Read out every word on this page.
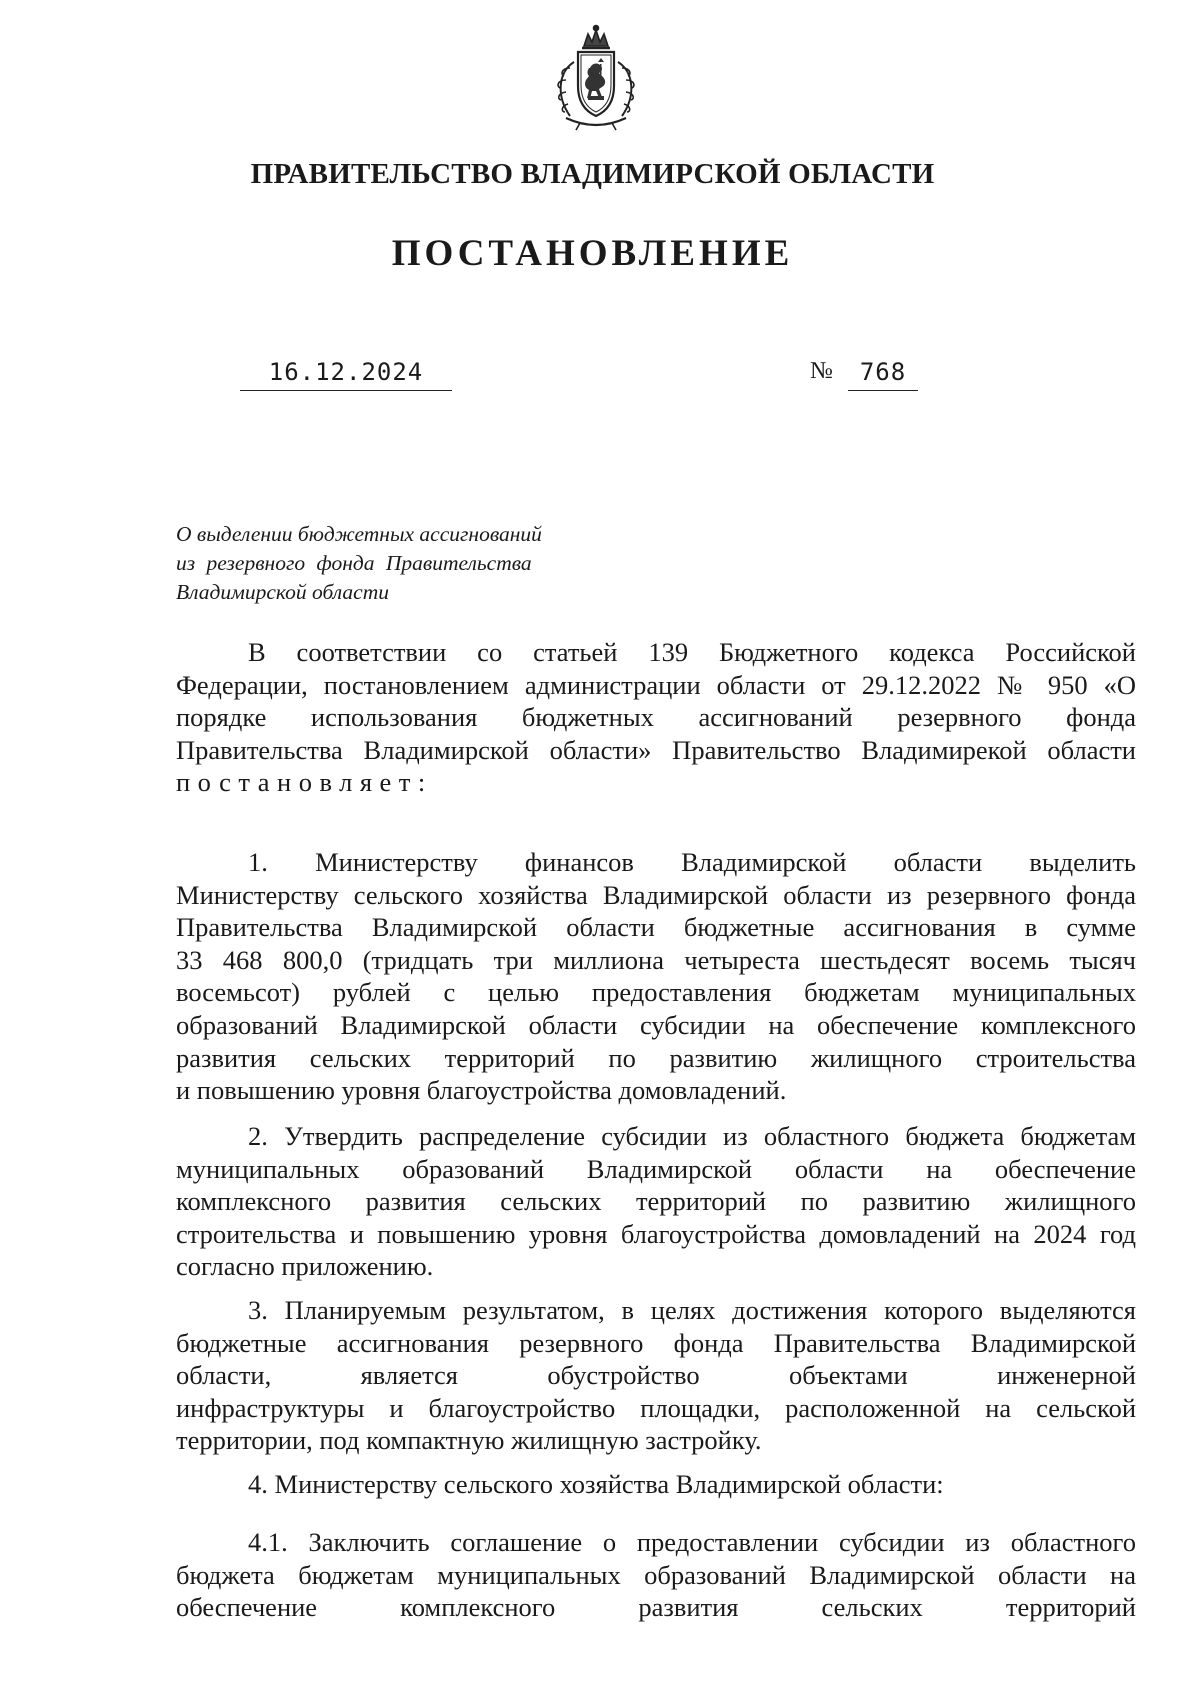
ПРАВИТЕЛЬСТВО ВЛАДИМИРСКОЙ ОБЛАСТИ
ПОСТАНОВЛЕНИЕ
16.12.2024	№	768
О выделении бюджетных ассигнований
из резервного фонда Правительства
Владимирской области
В соответствии со статьей 139 Бюджетного кодекса Российской
Федерации, постановлением администрации области от 29.12.2022 № 950 «О
порядке использования бюджетных ассигнований резервного фонда
Правительства Владимирской области» Правительство Владимирекой области
постановляет:
1. Министерству финансов Владимирской области выделить
Министерству сельского хозяйства Владимирской области из резервного фонда
Правительства Владимирской области бюджетные ассигнования в сумме
33 468 800,0 (тридцать три миллиона четыреста шестьдесят восемь тысяч
восемьсот) рублей с целью предоставления бюджетам муниципальных
образований Владимирской области субсидии на обеспечение комплексного
развития сельских территорий по развитию жилищного строительства
и повышению уровня благоустройства домовладений.
2. Утвердить распределение субсидии из областного бюджета бюджетам
муниципальных образований Владимирской области на обеспечение
комплексного развития сельских территорий по развитию жилищного
строительства и повышению уровня благоустройства домовладений на 2024 год
согласно приложению.
3. Планируемым результатом, в целях достижения которого выделяются
бюджетные ассигнования резервного фонда Правительства Владимирской
области, является обустройство объектами инженерной
инфраструктуры и благоустройство площадки, расположенной на сельской
территории, под компактную жилищную застройку.
4. Министерству сельского хозяйства Владимирской области:
4.1. Заключить соглашение о предоставлении субсидии из областного
бюджета бюджетам муниципальных образований Владимирской области на
обеспечение комплексного развития сельских территорий
